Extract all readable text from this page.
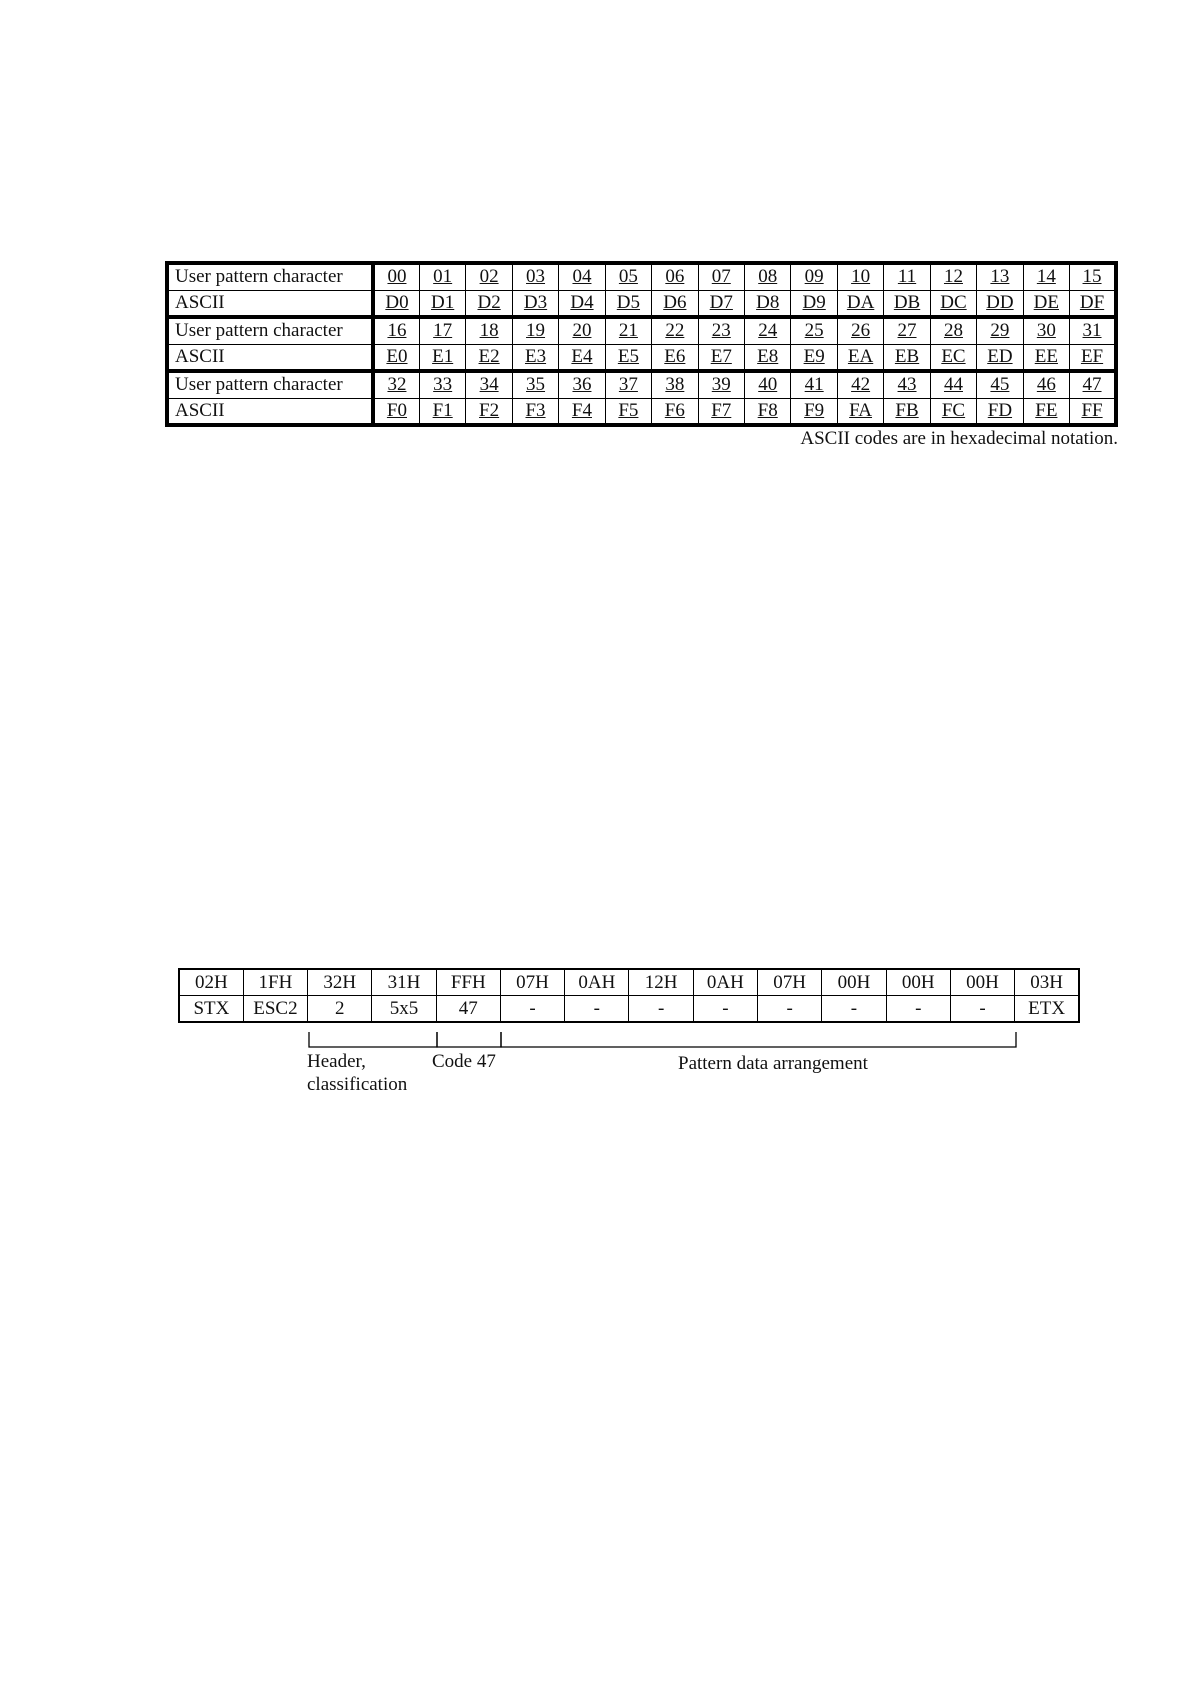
User pattern character	00	01	02	03	04	05	06	07	08	09	10	11	12	13	14	15
ASCII	D0	D1	D2	D3	D4	D5	D6	D7	D8	D9	DA	DB	DC	DD	DE	DF
User pattern character	16	17	18	19	20	21	22	23	24	25	26	27	28	29	30	31
ASCII	E0	E1	E2	E3	E4	E5	E6	E7	E8	E9	EA	EB	EC	ED	EE	EF
User pattern character	32	33	34	35	36	37	38	39	40	41	42	43	44	45	46	47
ASCII	F0	F1	F2	F3	F4	F5	F6	F7	F8	F9	FA	FB	FC	FD	FE	FF
ASCII codes are in hexadecimal notation.
02H	1FH	32H	31H	FFH	07H	0AH	12H	0AH	07H	00H	00H	00H	03H
STX	ESC2	2	5x5	47	-	-	-	-	-	-	-	-	ETX
Header,
classification
Code 47	Pattern data arrangement
